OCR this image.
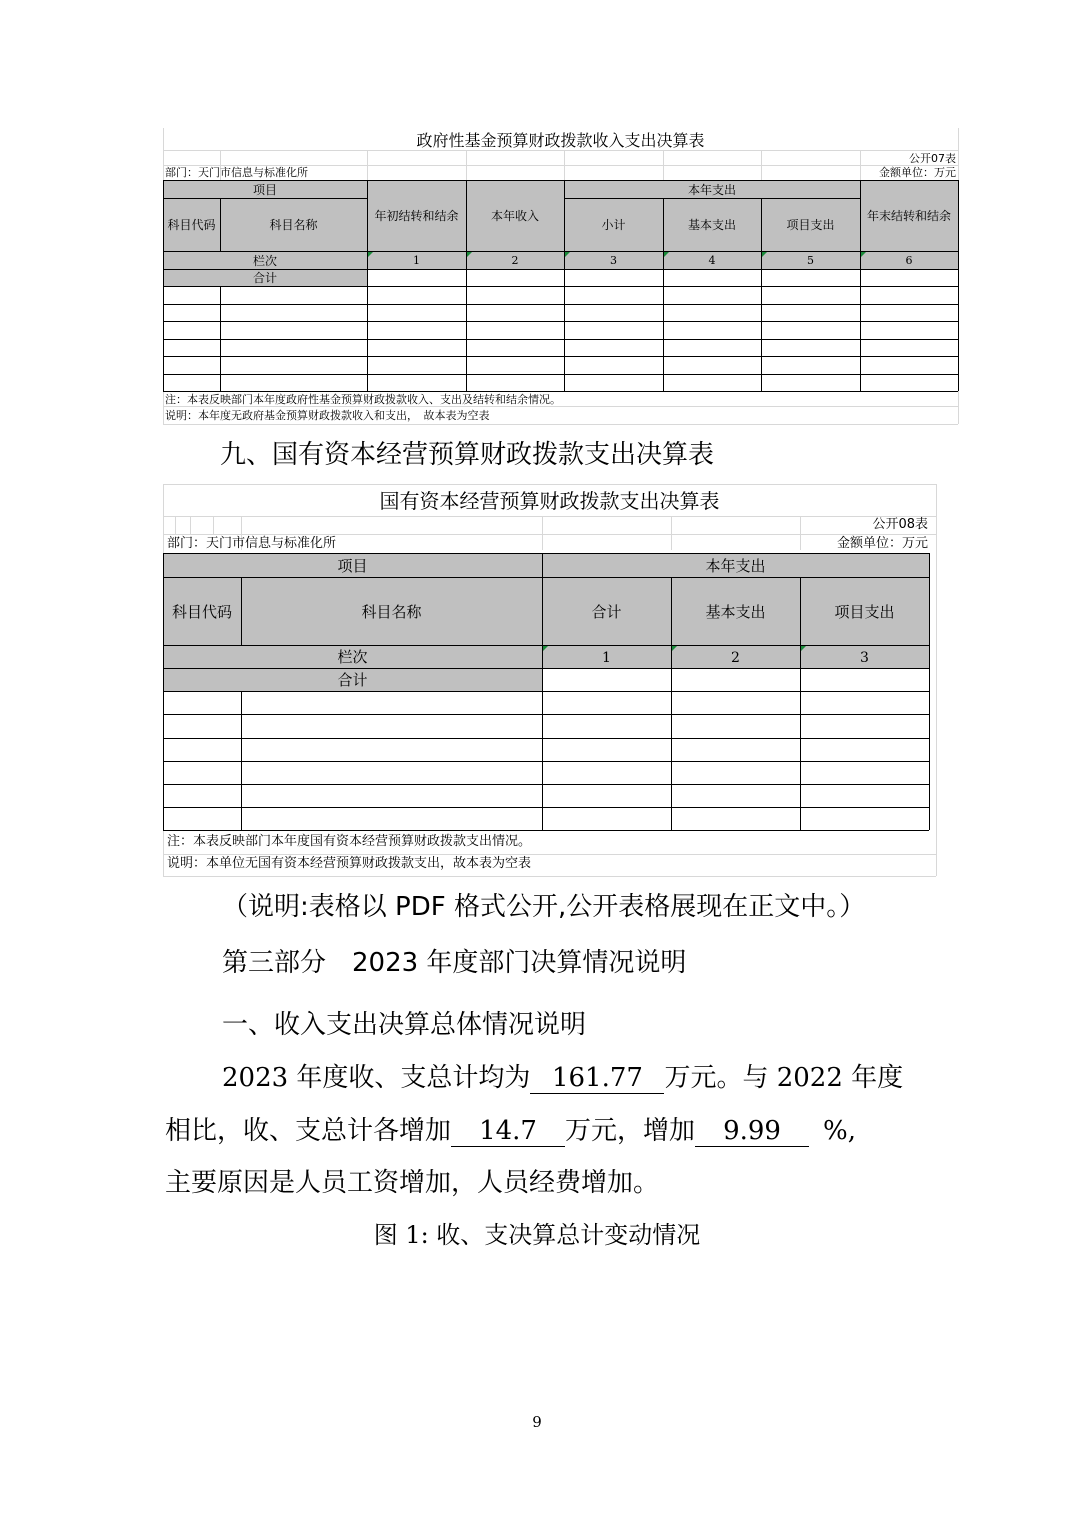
政府性基金预算财政拨款收入支出决算表
公开07表
部门：天门市信息与标准化所	金额单位：万元
项目
科目代码	科目名称
年初结转和结余	本年收入
本年支出
小计	基本支出	项目支出
年末结转和结余
栏次	1	2	3	4	5	6
合计
注：本表反映部门本年度政府性基金预算财政拨款收入、支出及结转和结余情况。
说明：本年度无政府基金预算财政拨款收入和支出，　故本表为空表
九、国有资本经营预算财政拨款支出决算表
国有资本经营预算财政拨款支出决算表
公开08表
部门：天门市信息与标准化所	金额单位：万元
项目	本年支出
科目代码	科目名称	合计	基本支出	项目支出
栏次	1	2	3
合计
注：本表反映部门本年度国有资本经营预算财政拨款支出情况。
说明：本单位无国有资本经营预算财政拨款支出，故本表为空表
（说明:表格以 PDF 格式公开,公开表格展现在正文中。）
第三部分　2023 年度部门决算情况说明
一、收入支出决算总体情况说明
2023 年度收、支总计均为 161.77 万元。与 2022 年度
相比，收、支总计各增加 14.7 万元，增加 9.99 %,
主要原因是人员工资增加，人员经费增加。
图 1: 收、支决算总计变动情况
9
